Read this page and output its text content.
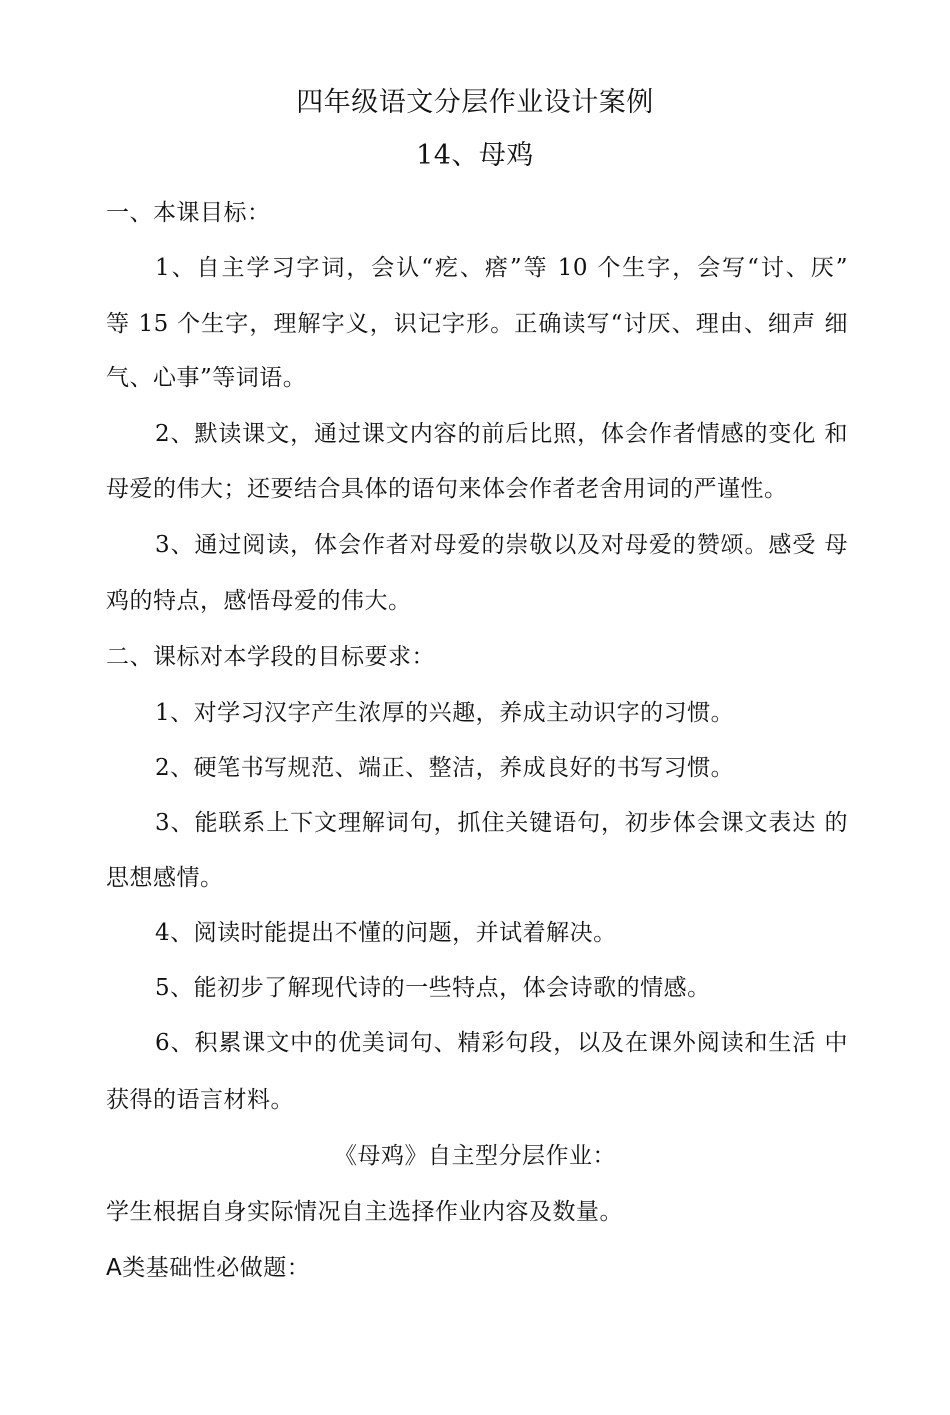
四年级语文分层作业设计案例
14、母鸡
一、本课目标：
1、自主学习字词，会认“疙、瘩”等 10 个生字，会写“讨、厌”
等 15 个生字，理解字义，识记字形。正确读写“讨厌、理由、细声 细
气、心事”等词语。
2、默读课文，通过课文内容的前后比照，体会作者情感的变化 和
母爱的伟大；还要结合具体的语句来体会作者老舍用词的严谨性。
3、通过阅读，体会作者对母爱的崇敬以及对母爱的赞颂。感受 母
鸡的特点，感悟母爱的伟大。
二、课标对本学段的目标要求：
1、对学习汉字产生浓厚的兴趣，养成主动识字的习惯。
2、硬笔书写规范、端正、整洁，养成良好的书写习惯。
3、能联系上下文理解词句，抓住关键语句，初步体会课文表达 的
思想感情。
4、阅读时能提出不懂的问题，并试着解决。
5、能初步了解现代诗的一些特点，体会诗歌的情感。
6、积累课文中的优美词句、精彩句段，以及在课外阅读和生活 中
获得的语言材料。
《母鸡》自主型分层作业：
学生根据自身实际情况自主选择作业内容及数量。
A类基础性必做题：
